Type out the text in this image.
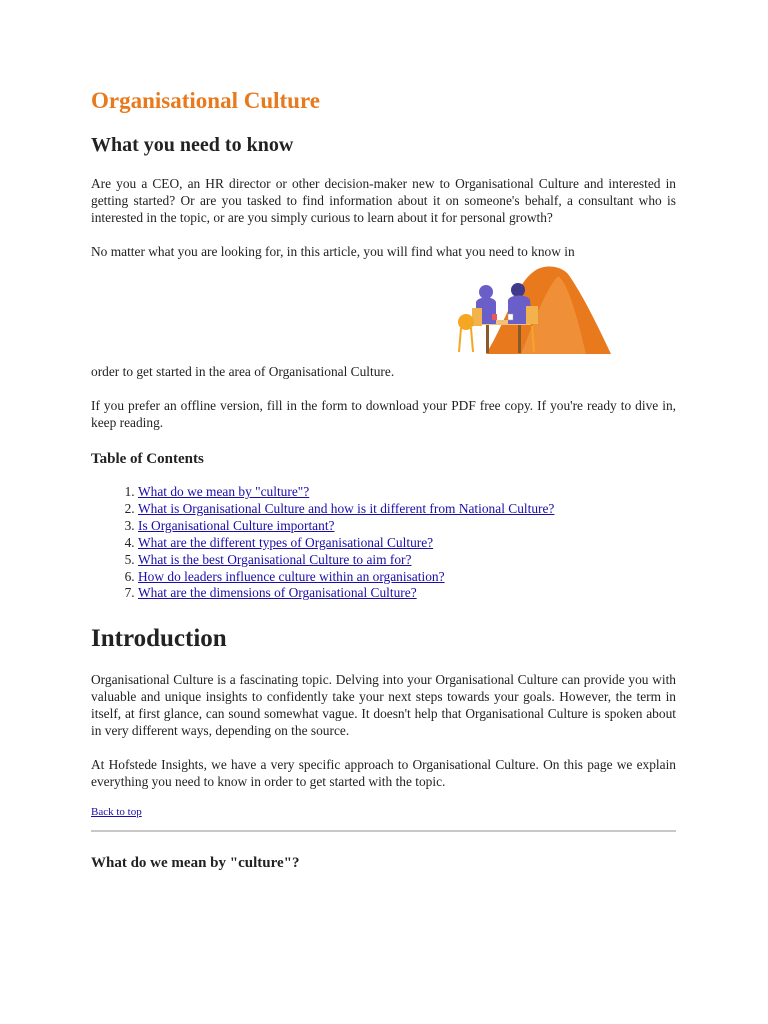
Organisational Culture
What you need to know

Are you a CEO, an HR director or other decision-maker new to Organisational Culture and interested in getting started? Or are you tasked to find information about it on someone's behalf, a consultant who is interested in the topic, or are you simply curious to learn about it for personal growth?

No matter what you are looking for, in this article, you will find what you need to know in

order to get started in the area of Organisational Culture.

If you prefer an offline version, fill in the form to download your PDF free copy. If you're ready to dive in, keep reading.

Table of Contents
1. What do we mean by "culture"?
2. What is Organisational Culture and how is it different from National Culture?
3. Is Organisational Culture important?
4. What are the different types of Organisational Culture?
5. What is the best Organisational Culture to aim for?
6. How do leaders influence culture within an organisation?
7. What are the dimensions of Organisational Culture?
Introduction

Organisational Culture is a fascinating topic. Delving into your Organisational Culture can provide you with valuable and unique insights to confidently take your next steps towards your goals. However, the term in itself, at first glance, can sound somewhat vague. It doesn't help that Organisational Culture is spoken about in very different ways, depending on the source.

At Hofstede Insights, we have a very specific approach to Organisational Culture. On this page we explain everything you need to know in order to get started with the topic.

Back to top
What do we mean by "culture"?
